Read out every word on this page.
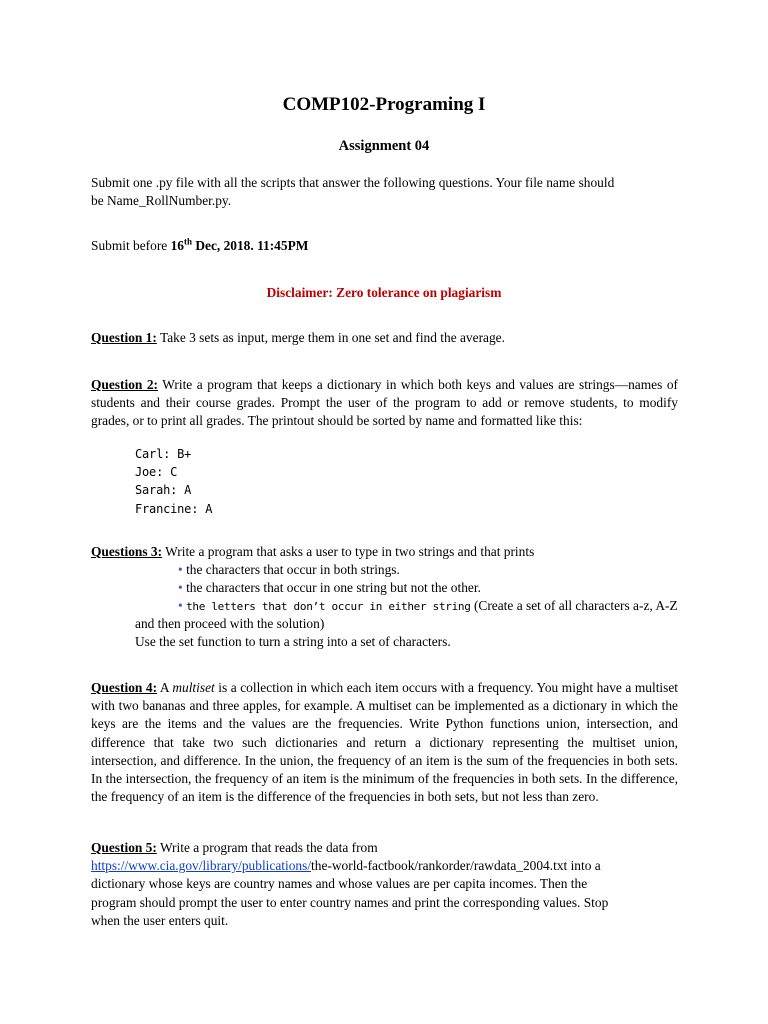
COMP102-Programing I
Assignment 04
Submit one .py file with all the scripts that answer the following questions. Your file name should be Name_RollNumber.py.
Submit before 16th Dec, 2018. 11:45PM
Disclaimer: Zero tolerance on plagiarism
Question 1: Take 3 sets as input, merge them in one set and find the average.
Question 2: Write a program that keeps a dictionary in which both keys and values are strings—names of students and their course grades. Prompt the user of the program to add or remove students, to modify grades, or to print all grades. The printout should be sorted by name and formatted like this:
Carl: B+
Joe: C
Sarah: A
Francine: A
Questions 3: Write a program that asks a user to type in two strings and that prints
• the characters that occur in both strings.
• the characters that occur in one string but not the other.
• the letters that don’t occur in either string (Create a set of all characters a-z, A-Z
and then proceed with the solution)
Use the set function to turn a string into a set of characters.
Question 4: A multiset is a collection in which each item occurs with a frequency. You might have a multiset with two bananas and three apples, for example. A multiset can be implemented as a dictionary in which the keys are the items and the values are the frequencies. Write Python functions union, intersection, and difference that take two such dictionaries and return a dictionary representing the multiset union, intersection, and difference. In the union, the frequency of an item is the sum of the frequencies in both sets. In the intersection, the frequency of an item is the minimum of the frequencies in both sets. In the difference, the frequency of an item is the difference of the frequencies in both sets, but not less than zero.
Question 5: Write a program that reads the data from
https://www.cia.gov/library/publications/the-world-factbook/rankorder/rawdata_2004.txt into a
dictionary whose keys are country names and whose values are per capita incomes. Then the
program should prompt the user to enter country names and print the corresponding values. Stop
when the user enters quit.
